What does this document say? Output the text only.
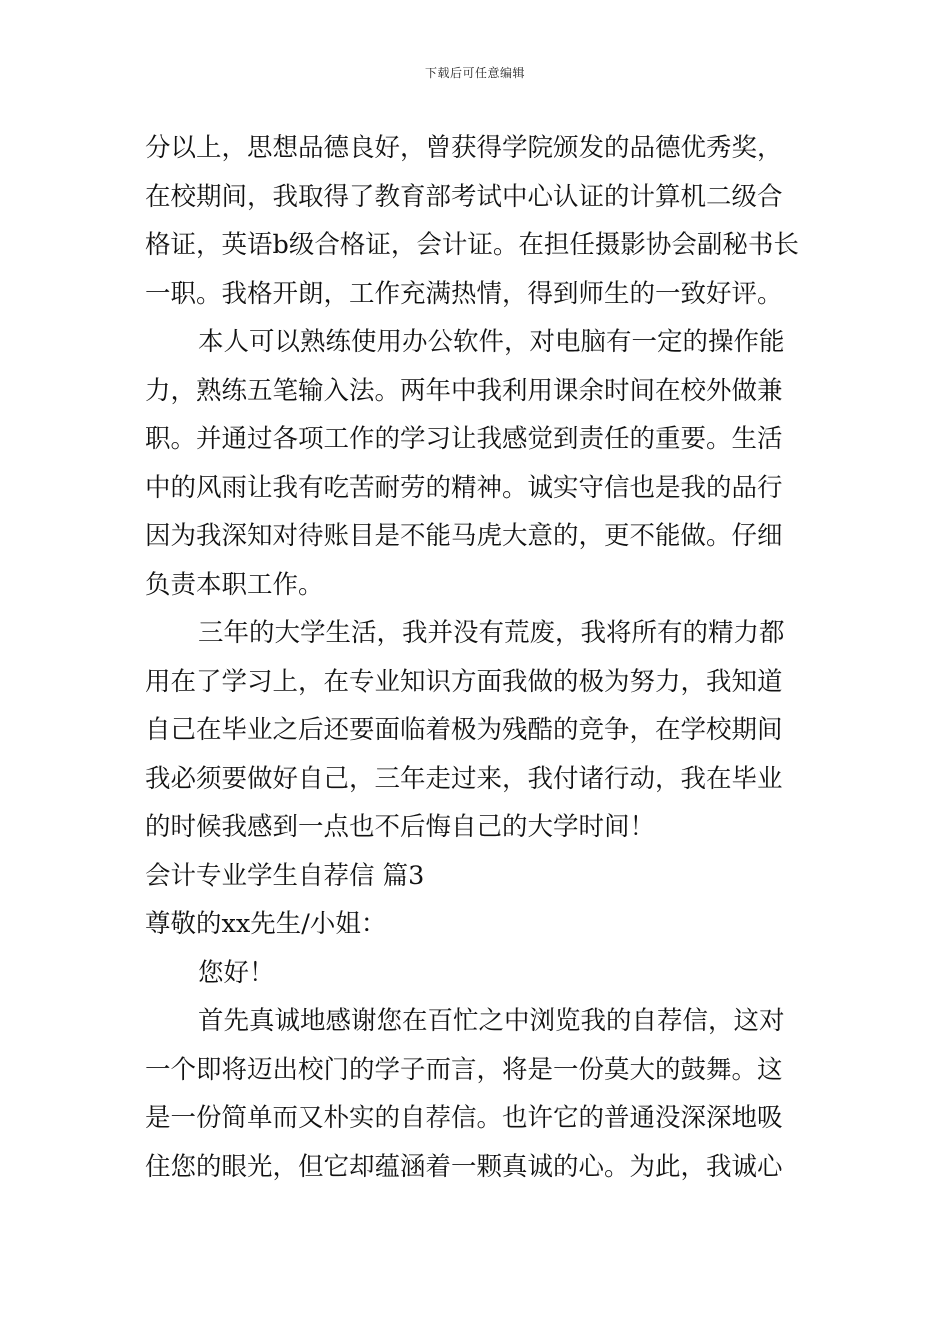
下载后可任意编辑
分以上，思想品德良好，曾获得学院颁发的品德优秀奖，
在校期间，我取得了教育部考试中心认证的计算机二级合
格证，英语b级合格证，会计证。在担任摄影协会副秘书长
一职。我格开朗，工作充满热情，得到师生的一致好评。
本人可以熟练使用办公软件，对电脑有一定的操作能
力，熟练五笔输入法。两年中我利用课余时间在校外做兼
职。并通过各项工作的学习让我感觉到责任的重要。生活
中的风雨让我有吃苦耐劳的精神。诚实守信也是我的品行
因为我深知对待账目是不能马虎大意的，更不能做。仔细
负责本职工作。
三年的大学生活，我并没有荒废，我将所有的精力都
用在了学习上，在专业知识方面我做的极为努力，我知道
自己在毕业之后还要面临着极为残酷的竞争，在学校期间
我必须要做好自己，三年走过来，我付诸行动，我在毕业
的时候我感到一点也不后悔自己的大学时间！
会计专业学生自荐信 篇3
尊敬的xx先生/小姐：
您好！
首先真诚地感谢您在百忙之中浏览我的自荐信，这对
一个即将迈出校门的学子而言，将是一份莫大的鼓舞。这
是一份简单而又朴实的自荐信。也许它的普通没深深地吸
住您的眼光，但它却蕴涵着一颗真诚的心。为此，我诚心
